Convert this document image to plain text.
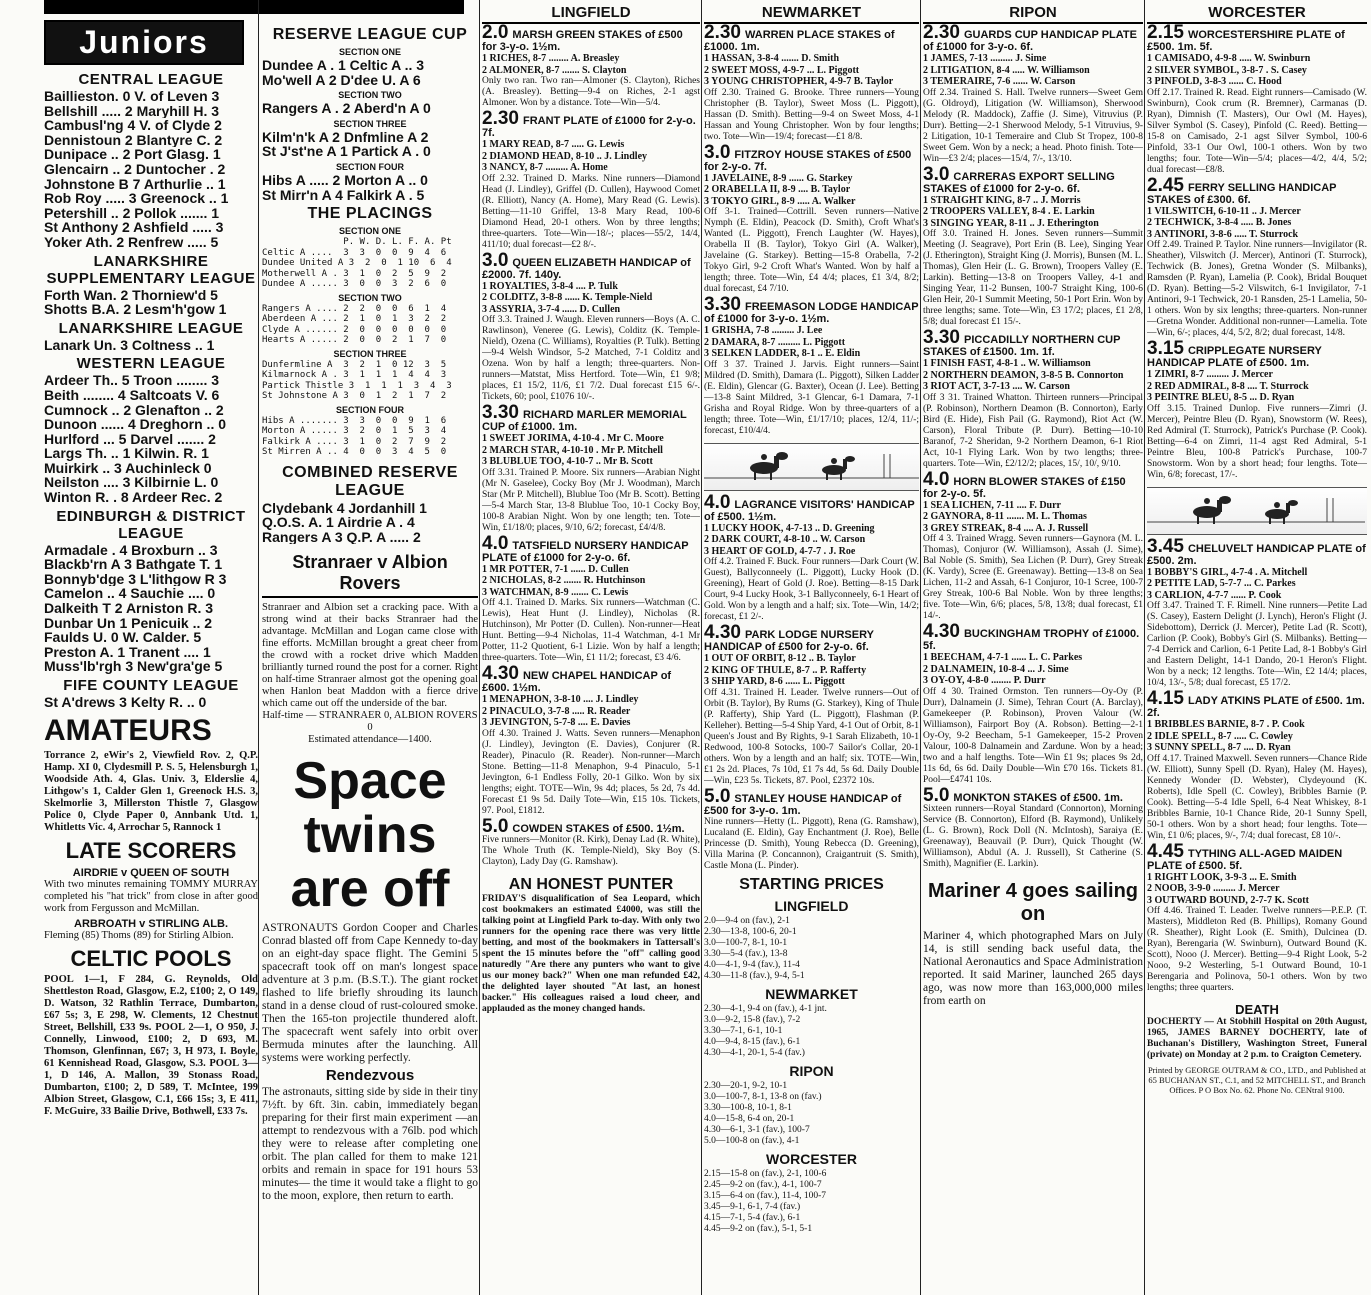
Juniors
CENTRAL LEAGUE
Baillieston. 0 V. of Leven 3
Bellshill ..... 2 Maryhill H. 3
Cambusl'ng 4 V. of Clyde 2
Dennistoun 2 Blantyre C. 2
Dunipace .. 2 Port Glasg. 1
Glencairn .. 2 Duntocher . 2
Johnstone B 7 Arthurlie .. 1
Rob Roy ..... 3 Greenock .. 1
Petershill .. 2 Pollok ....... 1
St Anthony 2 Ashfield ..... 3
Yoker Ath. 2 Renfrew ..... 5
LANARKSHIRE SUPPLEMENTARY LEAGUE
Forth Wan. 2 Thorniew'd 5
Shotts B.A. 2 Lesm'h'gow 1
LANARKSHIRE LEAGUE
Lanark Un. 3 Coltness .. 1
WESTERN LEAGUE
Ardeer Th.. 5 Troon ........ 3
Beith ........ 4 Saltcoats V. 6
Cumnock .. 2 Glenafton .. 2
Dunoon ...... 4 Dreghorn .. 0
Hurlford ... 5 Darvel ....... 2
Largs Th. .. 1 Kilwin. R. 1
Muirkirk .. 3 Auchinleck 0
Neilston .... 3 Kilbirnie L. 0
Winton R. . 8 Ardeer Rec. 2
EDINBURGH & DISTRICT LEAGUE
Armadale . 4 Broxburn .. 3
Blackb'rn A 3 Bathgate T. 1
Bonnyb'dge 3 L'lithgow R 3
Camelon .. 4 Sauchie .... 0
Dalkeith T 2 Arniston R. 3
Dunbar Un 1 Penicuik .. 2
Faulds U. 0 W. Calder. 5
Preston A. 1 Tranent .... 1
Muss'lb'rgh 3 New'gra'ge 5
FIFE COUNTY LEAGUE
St A'drews 3 Kelty R. .. 0
AMATEURS
Torrance 2, eWir's 2, Viewfield Rov. 2, Q.P. Hamp. XI 0, Clydesmill P. S. 5, Helensburgh 1, Woodside Ath. 4, Glas. Univ. 3, Elderslie 4, Lithgow's 1, Calder Glen 1, Greenock H.S. 3, Skelmorlie 3, Millerston Thistle 7, Glasgow Police 0, Clyde Paper 0, Annbank Utd. 1, Whitletts Vic. 4, Arrochar 5, Rannock 1
LATE SCORERS
AIRDRIE v QUEEN OF SOUTH
With two minutes remaining TOMMY MURRAY completed his "hat trick" from close in after good work from Fergusson and McMillan.
ARBROATH v STIRLING ALB.
Fleming (85) Thoms (89) for Stirling Albion.
CELTIC POOLS
POOL 1—1, F 284, G. Reynolds, Old Shettleston Road, Glasgow, E.2, £100; 2, O 149, D. Watson, 32 Rathlin Terrace, Dumbarton, £67 5s; 3, E 298, W. Clements, 12 Chestnut Street, Bellshill, £33 9s. POOL 2—1, O 950, J. Connelly, Linwood, £100; 2, D 693, M. Thomson, Glenfinnan, £67; 3, H 973, I. Boyle, 61 Kennishead Road, Glasgow, S.3. POOL 3—1, D 146, A. Mallon, 39 Stonass Road, Dumbarton, £100; 2, D 589, T. McIntee, 199 Albion Street, Glasgow, C.1, £66 15s; 3, E 411, F. McGuire, 33 Bailie Drive, Bothwell, £33 7s.
RESERVE LEAGUE CUP
SECTION ONE
Dundee A . 1 Celtic A .. 3
Mo'well A 2 D'dee U. A 6
SECTION TWO
Rangers A . 2 Aberd'n A 0
SECTION THREE
Kilm'n'k A 2 Dnfmline A 2
St J'st'ne A 1 Partick A . 0
SECTION FOUR
Hibs A ..... 2 Morton A .. 0
St Mirr'n A 4 Falkirk A . 5
THE PLACINGS
SECTION ONE
P. W. D. L. F. A. Pt
Celtic A ....  3  3  0  0  9  4  6
Dundee United A 3  2  0  1 10  6  4
Motherwell A . 3  1  0  2  5  9  2
Dundee A ..... 3  0  0  3  2  6  0
SECTION TWO
Rangers A .... 2  2  0  0  6  1  4
Aberdeen A ... 2  1  0  1  3  2  2
Clyde A ...... 2  0  0  0  0  0  0
Hearts A ..... 2  0  0  2  1  7  0
SECTION THREE
Dunfermline A  3  2  1  0 12  3  5
Kilmarnock A . 3  1  1  1  4  4  3
Partick Thistle 3  1  1  1  3  4  3
St Johnstone A 3  0  1  2  1  7  2
SECTION FOUR
Hibs A ....... 3  3  0  0  9  1  6
Morton A ..... 3  2  0  1  5  3  4
Falkirk A .... 3  1  0  2  7  9  2
St Mirren A .. 4  0  0  3  4  5  0
COMBINED RESERVE LEAGUE
Clydebank 4 Jordanhill 1
Q.O.S. A. 1 Airdrie A . 4
Rangers A 3 Q.P. A ..... 2
Stranraer v Albion Rovers
Stranraer and Albion set a cracking pace. With a strong wind at their backs Stranraer had the advantage. McMillan and Logan came close with fine efforts. McMillan brought a great cheer from the crowd with a rocket drive which Madden brilliantly turned round the post for a corner. Right on half-time Stranraer almost got the opening goal when Hanlon beat Maddon with a fierce drive which came out off the underside of the bar.
Half-time — STRANRAER 0, ALBION ROVERS 0
Estimated attendance—1400.
Space twins are off
ASTRONAUTS Gordon Cooper and Charles Conrad blasted off from Cape Kennedy to-day on an eight-day space flight. The Gemini 5 spacecraft took off on man's longest space adventure at 3 p.m. (B.S.T.). The giant rocket flashed to life briefly shrouding its launch stand in a dense cloud of rust-coloured smoke. Then the 165-ton projectile thundered aloft. The spacecraft went safely into orbit over Bermuda minutes after the launching. All systems were working perfectly.
Rendezvous
The astronauts, sitting side by side in their tiny 7½ft. by 6ft. 3in. cabin, immediately began preparing for their first main experiment —an attempt to rendezvous with a 76lb. pod which they were to release after completing one orbit. The plan called for them to make 121 orbits and remain in space for 191 hours 53 minutes— the time it would take a flight to go to the moon, explore, then return to earth.
LINGFIELD
2.0 MARSH GREEN STAKES of £500 for 3-y-o. 1½m.
1 RICHES, 8-7 ........ A. Breasley
2 ALMONER, 8-7 ....... S. Clayton
Only two ran. Two ran—Almoner (S. Clayton), Riches (A. Breasley). Betting—9-4 on Riches, 2-1 agst Almoner. Won by a distance. Tote—Win—5/4.
2.30 FRANT PLATE of £1000 for 2-y-o. 7f.
1 MARY READ, 8-7 ..... G. Lewis
2 DIAMOND HEAD, 8-10 .. J. Lindley
3 NANCY, 8-7 ......... A. Home
Off 2.32. Trained D. Marks. Nine runners—Diamond Head (J. Lindley), Griffel (D. Cullen), Haywood Comet (R. Elliott), Nancy (A. Home), Mary Read (G. Lewis). Betting—11-10 Griffel, 13-8 Mary Read, 100-6 Diamond Head, 20-1 others. Won by three lengths; three-quarters. Tote—Win—18/-; places—55/2, 14/4, 411/10; dual forecast—£2 8/-.
3.0 QUEEN ELIZABETH HANDICAP of £2000. 7f. 140y.
1 ROYALTIES, 3-8-4 .... P. Tulk
2 COLDITZ, 3-8-8 ...... K. Temple-Nield
3 ASSYRIA, 3-7-4 ...... D. Cullen
Off 3.3. Trained J. Waugh. Eleven runners—Boys (A. C. Rawlinson), Veneree (G. Lewis), Colditz (K. Temple-Nield), Ozena (C. Williams), Royalties (P. Tulk). Betting—9-4 Welsh Windsor, 5-2 Matched, 7-1 Colditz and Ozena. Won by half a length; three-quarters. Non-runners—Matstat, Miss Hertford. Tote—Win, £1 9/8; places, £1 15/2, 11/6, £1 7/2. Dual forecast £15 6/-. Tickets, 60; pool, £1076 10/-.
3.30 RICHARD MARLER MEMORIAL CUP of £1000. 1m.
1 SWEET JORIMA, 4-10-4 . Mr C. Moore
2 MARCH STAR, 4-10-10 . Mr P. Mitchell
3 BLUBLUE TOO, 4-10-7 .. Mr B. Scott
Off 3.31. Trained P. Moore. Six runners—Arabian Night (Mr N. Gaselee), Cocky Boy (Mr J. Woodman), March Star (Mr P. Mitchell), Blublue Too (Mr B. Scott). Betting—5-4 March Star, 13-8 Blublue Too, 10-1 Cocky Boy, 100-8 Arabian Night. Won by one length; ten. Tote—Win, £1/18/0; places, 9/10, 6/2; forecast, £4/4/8.
4.0 TATSFIELD NURSERY HANDICAP PLATE of £1000 for 2-y-o. 6f.
1 MR POTTER, 7-1 ...... D. Cullen
2 NICHOLAS, 8-2 ....... R. Hutchinson
3 WATCHMAN, 8-9 ....... C. Lewis
Off 4.1. Trained D. Marks. Six runners—Watchman (C. Lewis), Heat Hunt (J. Lindley), Nicholas (R. Hutchinson), Mr Potter (D. Cullen). Non-runner—Heat Hunt. Betting—9-4 Nicholas, 11-4 Watchman, 4-1 Mr Potter, 11-2 Quotient, 6-1 Lizie. Won by half a length; three-quarters. Tote—Win, £1 11/2; forecast, £3 4/6.
4.30 NEW CHAPEL HANDICAP of £600. 1½m.
1 MENAPHON, 3-8-10 .... J. Lindley
2 PINACULO, 3-7-8 ..... R. Reader
3 JEVINGTON, 5-7-8 .... E. Davies
Off 4.30. Trained J. Watts. Seven runners—Menaphon (J. Lindley), Jevington (E. Davies), Conjurer (R. Reader), Pinaculo (R. Reader). Non-runner—March Stone. Betting—11-8 Menaphon, 9-4 Pinaculo, 5-1 Jevington, 6-1 Endless Folly, 20-1 Gilko. Won by six lengths; eight. TOTE—Win, 9s 4d; places, 5s 2d, 7s 4d. Forecast £1 9s 5d. Daily Tote—Win, £15 10s. Tickets, 97. Pool, £1812.
5.0 COWDEN STAKES of £500. 1½m.
Five runners—Monitor (R. Kirk), Denay Lad (R. White), The Whole Truth (K. Temple-Nield), Sky Boy (S. Clayton), Lady Day (G. Ramshaw).
AN HONEST PUNTER
FRIDAY'S disqualification of Sea Leopard, which cost bookmakers an estimated £4000, was still the talking point at Lingfield Park to-day. With only two runners for the opening race there was very little betting, and most of the bookmakers in Tattersall's spent the 15 minutes before the "off" calling good naturedly "Are there any punters who want to give us our money back?" When one man refunded £42, the delighted layer shouted "At last, an honest backer." His colleagues raised a loud cheer, and applauded as the money changed hands.
NEWMARKET
2.30 WARREN PLACE STAKES of £1000. 1m.
1 HASSAN, 3-8-4 ....... D. Smith
2 SWEET MOSS, 4-9-7 ... L. Piggott
3 YOUNG CHRISTOPHER, 4-9-7 B. Taylor
Off 2.30. Trained G. Brooke. Three runners—Young Christopher (B. Taylor), Sweet Moss (L. Piggott), Hassan (D. Smith). Betting—9-4 on Sweet Moss, 4-1 Hassan and Young Christopher. Won by four lengths; two. Tote—Win—19/4; forecast—£1 8/8.
3.0 FITZROY HOUSE STAKES of £500 for 2-y-o. 7f.
1 JAVELAINE, 8-9 ...... G. Starkey
2 ORABELLA II, 8-9 .... B. Taylor
3 TOKYO GIRL, 8-9 ..... A. Walker
Off 3-1. Trained—Cottrill. Seven runners—Native Nymph (E. Eldin), Peacock (D. Smith), Croft What's Wanted (L. Piggott), French Laughter (W. Hayes), Orabella II (B. Taylor), Tokyo Girl (A. Walker), Javelaine (G. Starkey). Betting—15-8 Orabella, 7-2 Tokyo Girl, 9-2 Croft What's Wanted. Won by half a length; three. Tote—Win, £4 4/4; places, £1 3/4, 8/2; dual forecast, £4 7/10.
3.30 FREEMASON LODGE HANDICAP of £1000 for 3-y-o. 1½m.
1 GRISHA, 7-8 ......... J. Lee
2 DAMARA, 8-7 ......... L. Piggott
3 SELKEN LADDER, 8-1 .. E. Eldin
Off 3 37. Trained J. Jarvis. Eight runners—Saint Mildred (D. Smith), Damara (L. Piggott), Silken Ladder (E. Eldin), Glencar (G. Baxter), Ocean (J. Lee). Betting—13-8 Saint Mildred, 3-1 Glencar, 6-1 Damara, 7-1 Grisha and Royal Ridge. Won by three-quarters of a length; three. Tote—Win, £1/17/10; places, 12/4, 11/-; forecast, £10/4/4.
4.0 LAGRANCE VISITORS' HANDICAP of £500. 1½m.
1 LUCKY HOOK, 4-7-13 .. D. Greening
2 DARK COURT, 4-8-10 .. W. Carson
3 HEART OF GOLD, 4-7-7 . J. Roe
Off 4.2. Trained F. Buck. Four runners—Dark Court (W. Guest), Ballyconneely (L. Piggott), Lucky Hook (D. Greening), Heart of Gold (J. Roe). Betting—8-15 Dark Court, 9-4 Lucky Hook, 3-1 Ballyconneely, 6-1 Heart of Gold. Won by a length and a half; six. Tote—Win, 14/2; forecast, £1 2/-.
4.30 PARK LODGE NURSERY HANDICAP of £500 for 2-y-o. 6f.
1 OUT OF ORBIT, 8-12 .. B. Taylor
2 KING OF THULE, 8-7 .. P. Rafferty
3 SHIP YARD, 8-6 ...... L. Piggott
Off 4.31. Trained H. Leader. Twelve runners—Out of Orbit (B. Taylor), By Rums (G. Starkey), King of Thule (P. Rafferty), Ship Yard (L. Piggott), Flashman (P. Kelleher). Betting—5-4 Ship Yard, 4-1 Out of Orbit, 8-1 Queen's Joust and By Rights, 9-1 Sarah Elizabeth, 10-1 Redwood, 100-8 Sotocks, 100-7 Sailor's Collar, 20-1 others. Won by a length and an half; six. TOTE—Win, £1 2s 2d. Places, 7s 10d, £1 7s 4d, 5s 6d. Daily Double—Win, £23 5s. Tickets, 87. Pool, £2372 10s.
5.0 STANLEY HOUSE HANDICAP of £500 for 3-y-o. 1m.
Nine runners—Hetty (L. Piggott), Rena (G. Ramshaw), Lucaland (E. Eldin), Gay Enchantment (J. Roe), Belle Princesse (D. Smith), Young Rebecca (D. Greening), Villa Marina (P. Concannon), Craigantruit (S. Smith), Castle Mona (L. Pinder).
STARTING PRICES
LINGFIELD
2.0—9-4 on (fav.), 2-1
2.30—13-8, 100-6, 20-1
3.0—100-7, 8-1, 10-1
3.30—5-4 (fav.), 13-8
4.0—4-1, 9-4 (fav.), 11-4
4.30—11-8 (fav.), 9-4, 5-1
NEWMARKET
2.30—4-1, 9-4 on (fav.), 4-1 jnt.
3.0—9-2, 15-8 (fav.), 7-2
3.30—7-1, 6-1, 10-1
4.0—9-4, 8-15 (fav.), 6-1
4.30—4-1, 20-1, 5-4 (fav.)
RIPON
2.30—20-1, 9-2, 10-1
3.0—100-7, 8-1, 13-8 on (fav.)
3.30—100-8, 10-1, 8-1
4.0—15-8, 6-4 on, 20-1
4.30—6-1, 3-1 (fav.), 100-7
5.0—100-8 on (fav.), 4-1
WORCESTER
2.15—15-8 on (fav.), 2-1, 100-6
2.45—9-2 on (fav.), 4-1, 100-7
3.15—6-4 on (fav.), 11-4, 100-7
3.45—9-1, 6-1, 7-4 (fav.)
4.15—7-1, 5-4 (fav.), 6-1
4.45—9-2 on (fav.), 5-1, 5-1
RIPON
2.30 GUARDS CUP HANDICAP PLATE of £1000 for 3-y-o. 6f.
1 JAMES, 7-13 ......... J. Sime
2 LITIGATION, 8-4 ..... W. Williamson
3 TEMERAIRE, 7-6 ...... W. Carson
Off 2.34. Trained S. Hall. Twelve runners—Sweet Gem (G. Oldroyd), Litigation (W. Williamson), Sherwood Melody (R. Maddock), Zaffie (J. Sime), Vitruvius (P. Durr). Betting—2-1 Sherwood Melody, 5-1 Vitruvius, 9-2 Litigation, 10-1 Temeraire and Club St Tropez, 100-8 Sweet Gem. Won by a neck; a head. Photo finish. Tote—Win—£3 2/4; places—15/4, 7/-, 13/10.
3.0 CARRERAS EXPORT SELLING STAKES of £1000 for 2-y-o. 6f.
1 STRAIGHT KING, 8-7 .. J. Morris
2 TROOPERS VALLEY, 8-4 . E. Larkin
3 SINGING YEAR, 8-11 .. J. Etherington
Off 3.0. Trained H. Jones. Seven runners—Summit Meeting (J. Seagrave), Port Erin (B. Lee), Singing Year (J. Etherington), Straight King (J. Morris), Bunsen (M. L. Thomas), Glen Heir (L. G. Brown), Troopers Valley (E. Larkin). Betting—13-8 on Troopers Valley, 4-1 and Singing Year, 11-2 Bunsen, 100-7 Straight King, 100-6 Glen Heir, 20-1 Summit Meeting, 50-1 Port Erin. Won by three lengths; same. Tote—Win, £3 17/2; places, £1 2/8, 5/8; dual forecast £1 15/-.
3.30 PICCADILLY NORTHERN CUP STAKES of £1500. 1m. 1f.
1 FINISH FAST, 4-8-1 .. W. Williamson
2 NORTHERN DEAMON, 3-8-5 B. Connorton
3 RIOT ACT, 3-7-13 .... W. Carson
Off 3 31. Trained Whatton. Thirteen runners—Principal (P. Robinson), Northern Deamon (B. Connorton), Early Bird (E. Hide), Fish Pail (G. Raymond), Riot Act (W. Carson), Floral Tribute (P. Durr). Betting—10-10 Baranof, 7-2 Sheridan, 9-2 Northern Deamon, 6-1 Riot Act, 10-1 Flying Lark. Won by two lengths; three-quarters. Tote—Win, £2/12/2; places, 15/, 10/, 9/10.
4.0 HORN BLOWER STAKES of £150 for 2-y-o. 5f.
1 SEA LICHEN, 7-11 .... F. Durr
2 GAYNORA, 8-11 ....... M. L. Thomas
3 GREY STREAK, 8-4 .... A. J. Russell
Off 4 3. Trained Wragg. Seven runners—Gaynora (M. L. Thomas), Conjuror (W. Williamson), Assah (J. Sime), Bal Noble (S. Smith), Sea Lichen (P. Durr), Grey Streak (K. Vardy), Scree (E. Greenaway). Betting—13-8 on Sea Lichen, 11-2 and Assah, 6-1 Conjuror, 10-1 Scree, 100-7 Grey Streak, 100-6 Bal Noble. Won by three lengths; five. Tote—Win, 6/6; places, 5/8, 13/8; dual forecast, £1 14/-.
4.30 BUCKINGHAM TROPHY of £1000. 5f.
1 BEECHAM, 4-7-1 ...... L. C. Parkes
2 DALNAMEIN, 10-8-4 ... J. Sime
3 OY-OY, 4-8-0 ........ P. Durr
Off 4 30. Trained Ormston. Ten runners—Oy-Oy (P. Durr), Dalnamein (J. Sime), Tehran Court (A. Barclay), Gamekeeper (P. Robinson), Proven Valour (W. Williamson), Fairport Boy (A. Robson). Betting—2-1 Oy-Oy, 9-2 Beecham, 5-1 Gamekeeper, 15-2 Proven Valour, 100-8 Dalnamein and Zardune. Won by a head; two and a half lengths. Tote—Win £1 9s; places 9s 2d, 11s 6d, 6s 6d. Daily Double—Win £70 16s. Tickets 81. Pool—£4741 10s.
5.0 MONKTON STAKES of £500. 1m.
Sixteen runners—Royal Standard (Connorton), Morning Service (B. Connorton), Elford (B. Raymond), Unlikely (L. G. Brown), Rock Doll (N. McIntosh), Saraiya (E. Greenaway), Beauvail (P. Durr), Quick Thought (W. Williamson), Abdul (A. J. Russell), St Catherine (S. Smith), Magnifier (E. Larkin).
Mariner 4 goes sailing on
Mariner 4, which photographed Mars on July 14, is still sending back useful data, the National Aeronautics and Space Administration reported. It said Mariner, launched 265 days ago, was now more than 163,000,000 miles from earth on
WORCESTER
2.15 WORCESTERSHIRE PLATE of £500. 1m. 5f.
1 CAMISADO, 4-9-8 ..... W. Swinburn
2 SILVER SYMBOL, 3-8-7 . S. Casey
3 PINFOLD, 3-8-3 ...... C. Hood
Off 2.17. Trained R. Read. Eight runners—Camisado (W. Swinburn), Cook crum (R. Bremner), Carmanas (D. Ryan), Dimnish (T. Masters), Our Owl (M. Hayes), Silver Symbol (S. Casey), Pinfold (C. Reed). Betting—15-8 on Camisado, 2-1 agst Silver Symbol, 100-6 Pinfold, 33-1 Our Owl, 100-1 others. Won by two lengths; four. Tote—Win—5/4; places—4/2, 4/4, 5/2; dual forecast—£8/8.
2.45 FERRY SELLING HANDICAP STAKES of £300. 6f.
1 VILSWITCH, 6-10-11 .. J. Mercer
2 TECHWICK, 3-8-4 ..... B. Jones
3 ANTINORI, 3-8-6 ..... T. Sturrock
Off 2.49. Trained P. Taylor. Nine runners—Invigilator (R. Sheather), Vilswitch (J. Mercer), Antinori (T. Sturrock), Techwick (B. Jones), Gretna Wonder (S. Milbanks), Ramsden (P. Ryan), Lamelia (P. Cook), Bridal Bouquet (D. Ryan). Betting—5-2 Vilswitch, 6-1 Invigilator, 7-1 Antinori, 9-1 Techwick, 20-1 Ransden, 25-1 Lamelia, 50-1 others. Won by six lengths; three-quarters. Non-runner—Gretna Wonder. Additional non-runner—Lamelia. Tote—Win, 6/-; places, 4/4, 5/2, 8/2; dual forecast, 14/8.
3.15 CRIPPLEGATE NURSERY HANDICAP PLATE of £500. 1m.
1 ZIMRI, 8-7 ......... J. Mercer
2 RED ADMIRAL, 8-8 .... T. Sturrock
3 PEINTRE BLEU, 8-5 ... D. Ryan
Off 3.15. Trained Dunlop. Five runners—Zimri (J. Mercer), Peintre Bleu (D. Ryan), Snowstorm (W. Rees), Red Admiral (T. Sturrock), Patrick's Purchase (P. Cook). Betting—6-4 on Zimri, 11-4 agst Red Admiral, 5-1 Peintre Bleu, 100-8 Patrick's Purchase, 100-7 Snowstorm. Won by a short head; four lengths. Tote—Win, 6/8; forecast, 17/-.
3.45 CHELUVELT HANDICAP PLATE of £500. 2m.
1 BOBBY'S GIRL, 4-7-4 . A. Mitchell
2 PETITE LAD, 5-7-7 ... C. Parkes
3 CARLION, 4-7-7 ...... P. Cook
Off 3.47. Trained T. F. Rimell. Nine runners—Petite Lad (S. Casey), Eastern Delight (J. Lynch), Heron's Flight (J. Sidebottom), Derrick (J. Mercer), Petite Lad (R. Scott), Carlion (P. Cook), Bobby's Girl (S. Milbanks). Betting—7-4 Derrick and Carlion, 6-1 Petite Lad, 8-1 Bobby's Girl and Eastern Delight, 14-1 Dando, 20-1 Heron's Flight. Won by a neck; 12 lengths. Tote—Win, £2 14/4; places, 10/4, 13/-, 5/8; dual forecast, £5 17/2.
4.15 LADY ATKINS PLATE of £500. 1m. 2f.
1 BRIBBLES BARNIE, 8-7 . P. Cook
2 IDLE SPELL, 8-7 ..... C. Cowley
3 SUNNY SPELL, 8-7 .... D. Ryan
Off 4.17. Trained Maxwell. Seven runners—Chance Ride (W. Elliott), Sunny Spell (D. Ryan), Haley (M. Hayes), Kennedy Wonder (D. Webster), Clydeyound (K. Roberts), Idle Spell (C. Cowley), Bribbles Barnie (P. Cook). Betting—5-4 Idle Spell, 6-4 Neat Whiskey, 8-1 Bribbles Barnie, 10-1 Chance Ride, 20-1 Sunny Spell, 50-1 others. Won by a short head; four lengths. Tote—Win, £1 0/6; places, 9/-, 7/4; dual forecast, £8 10/-.
4.45 TYTHING ALL-AGED MAIDEN PLATE of £500. 5f.
1 RIGHT LOOK, 3-9-3 ... E. Smith
2 NOOB, 3-9-0 ......... J. Mercer
3 OUTWARD BOUND, 2-7-7 K. Scott
Off 4.46. Trained T. Leader. Twelve runners—P.E.P. (T. Masters), Middleton Red (B. Phillips), Romany Gound (R. Sheather), Right Look (E. Smith), Dulcinea (D. Ryan), Berengaria (W. Swinburn), Outward Bound (K. Scott), Nooo (J. Mercer). Betting—9-4 Right Look, 5-2 Nooo, 9-2 Westerling, 5-1 Outward Bound, 10-1 Berengaria and Polinova, 50-1 others. Won by two lengths; three quarters.
DEATH
DOCHERTY — At Stobhill Hospital on 20th August, 1965, JAMES BARNEY DOCHERTY, late of Buchanan's Distillery, Washington Street, Funeral (private) on Monday at 2 p.m. to Craigton Cemetery.
Printed by GEORGE OUTRAM & CO., LTD., and Published at 65 BUCHANAN ST., C.1, and 52 MITCHELL ST., and Branch Offices. P O Box No. 62. Phone No. CENtral 9100.
